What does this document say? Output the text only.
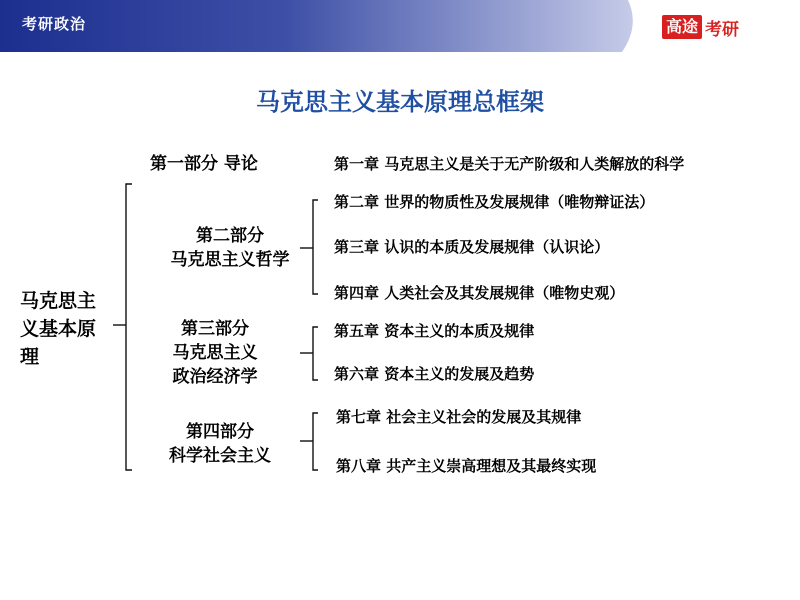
考研政治	高途 考研
马克思主义基本原理总框架
马克思主
义基本原
理
第一部分 导论	第一章 马克思主义是关于无产阶级和人类解放的科学
第二部分
马克思主义哲学
第二章 世界的物质性及发展规律（唯物辩证法）
第三章 认识的本质及发展规律（认识论）
第四章 人类社会及其发展规律（唯物史观）
第三部分
马克思主义
政治经济学
第五章 资本主义的本质及规律
第六章 资本主义的发展及趋势
第四部分
科学社会主义
第七章 社会主义社会的发展及其规律
第八章 共产主义崇高理想及其最终实现
